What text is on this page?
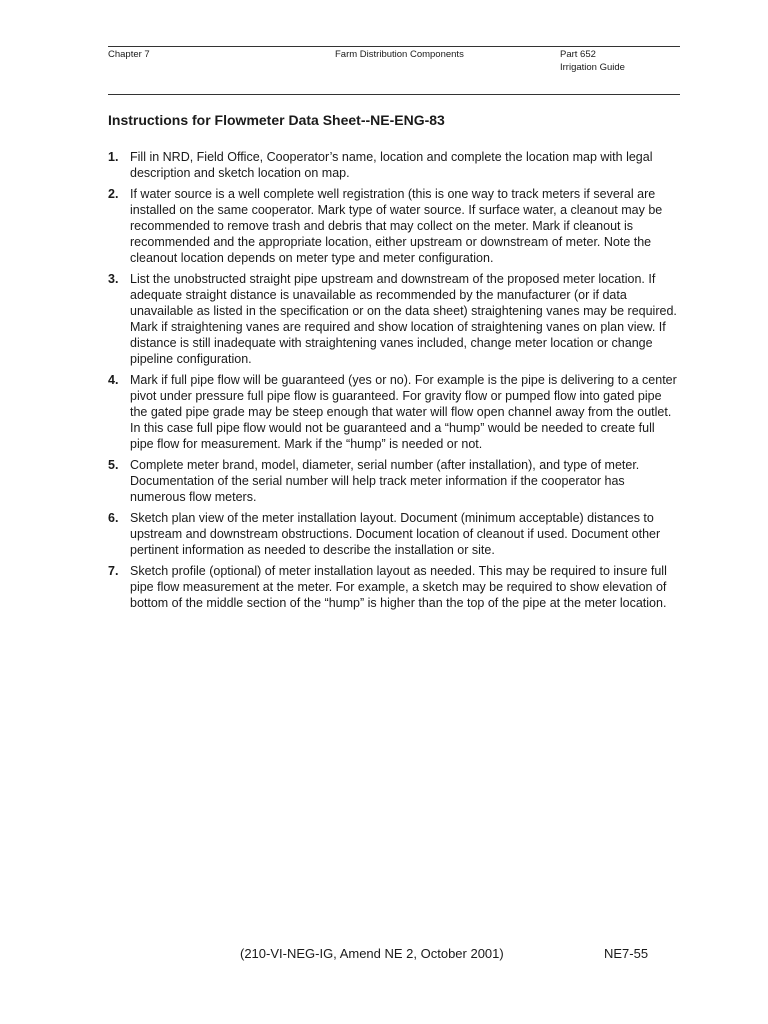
Chapter 7	Farm Distribution Components	Part 652
Irrigation Guide
Instructions for Flowmeter Data Sheet--NE-ENG-83
1. Fill in NRD, Field Office, Cooperator’s name, location and complete the location map with legal description and sketch location on map.
2. If water source is a well complete well registration (this is one way to track meters if several are installed on the same cooperator. Mark type of water source. If surface water, a cleanout may be recommended to remove trash and debris that may collect on the meter. Mark if cleanout is recommended and the appropriate location, either upstream or downstream of meter. Note the cleanout location depends on meter type and meter configuration.
3. List the unobstructed straight pipe upstream and downstream of the proposed meter location. If adequate straight distance is unavailable as recommended by the manufacturer (or if data unavailable as listed in the specification or on the data sheet) straightening vanes may be required. Mark if straightening vanes are required and show location of straightening vanes on plan view. If distance is still inadequate with straightening vanes included, change meter location or change pipeline configuration.
4. Mark if full pipe flow will be guaranteed (yes or no). For example is the pipe is delivering to a center pivot under pressure full pipe flow is guaranteed. For gravity flow or pumped flow into gated pipe the gated pipe grade may be steep enough that water will flow open channel away from the outlet. In this case full pipe flow would not be guaranteed and a “hump” would be needed to create full pipe flow for measurement. Mark if the “hump” is needed or not.
5. Complete meter brand, model, diameter, serial number (after installation), and type of meter. Documentation of the serial number will help track meter information if the cooperator has numerous flow meters.
6. Sketch plan view of the meter installation layout. Document (minimum acceptable) distances to upstream and downstream obstructions. Document location of cleanout if used. Document other pertinent information as needed to describe the installation or site.
7. Sketch profile (optional) of meter installation layout as needed. This may be required to insure full pipe flow measurement at the meter. For example, a sketch may be required to show elevation of bottom of the middle section of the “hump” is higher than the top of the pipe at the meter location.
(210-VI-NEG-IG, Amend NE 2, October 2001)	NE7-55
